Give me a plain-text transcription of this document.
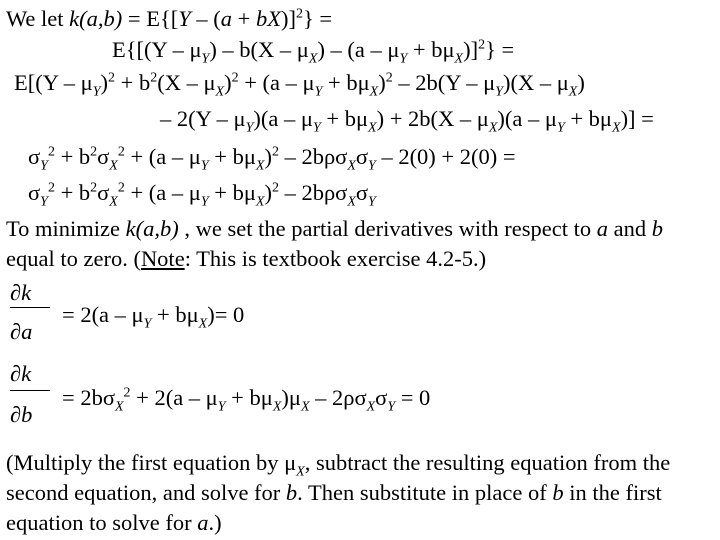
We let $k(a,b) = E\{[Y - (a + bX)]^2\}$ =
$E\{[(Y - \mu_Y) - b(X - \mu_X) - (a - \mu_Y + b\mu_X)]^2\}$ =
$E[(Y - \mu_Y)^2 + b^2(X - \mu_X)^2 + (a - \mu_Y + b\mu_X)^2 - 2b(Y - \mu_Y)(X - \mu_X)$
– $2(Y - \mu_Y)(a - \mu_Y + b\mu_X) + 2b(X - \mu_X)(a - \mu_Y + b\mu_X)$] =
$\sigma_Y^2 + b^2\sigma_X^2 + (a - \mu_Y + b\mu_X)^2 - 2b\rho\sigma_X\sigma_Y - 2(0) + 2(0)$ =
$\sigma_Y^2 + b^2\sigma_X^2 + (a - \mu_Y + b\mu_X)^2 - 2b\rho\sigma_X\sigma_Y$
To minimize k(a,b) , we set the partial derivatives with respect to a and b equal to zero. (Note: This is textbook exercise 4.2-5.)
∂k
∂a
= $2(a - \mu_Y + b\mu_X)= 0$
∂k
∂b
= $2b\sigma_X^2 + 2(a - \mu_Y + b\mu_X)\mu_X - 2\rho\sigma_X\sigma_Y = 0$
(Multiply the first equation by $\mu_X$, subtract the resulting equation from the second equation, and solve for b. Then substitute in place of b in the first equation to solve for a.)
